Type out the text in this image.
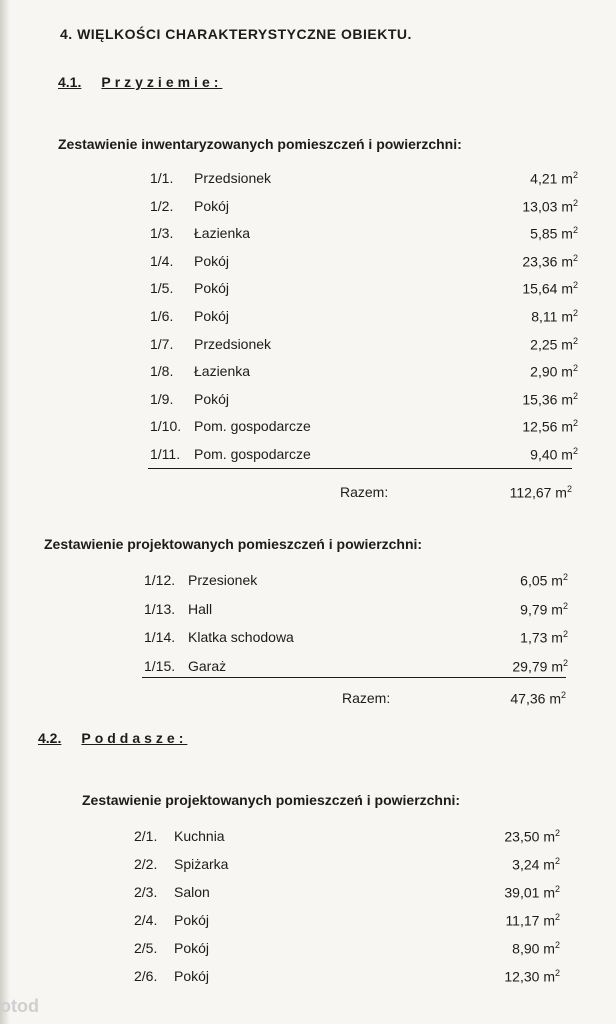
4. WIĘLKOŚCI CHARAKTERYSTYCZNE OBIEKTU.
4.1. Przyziemie:
Zestawienie inwentaryzowanych pomieszczeń i powierzchni:
1/1. Przedsionek	4,21 $m^2$
1/2. Pokój	13,03 $m^2$
1/3. Łazienka	5,85 $m^2$
1/4. Pokój	23,36 $m^2$
1/5. Pokój	15,64 $m^2$
1/6. Pokój	8,11 $m^2$
1/7. Przedsionek	2,25 $m^2$
1/8. Łazienka	2,90 $m^2$
1/9. Pokój	15,36 $m^2$
1/10. Pom. gospodarcze	12,56 $m^2$
1/11. Pom. gospodarcze	9,40 $m^2$
Razem:	112,67 $m^2$
Zestawienie projektowanych pomieszczeń i powierzchni:
1/12. Przesionek	6,05 $m^2$
1/13. Hall	9,79 $m^2$
1/14. Klatka schodowa	1,73 $m^2$
1/15. Garaż	29,79 $m^2$
Razem:	47,36 $m^2$
4.2. Poddasze:
Zestawienie projektowanych pomieszczeń i powierzchni:
2/1. Kuchnia	23,50 $m^2$
2/2. Spiżarka	3,24 $m^2$
2/3. Salon	39,01 $m^2$
2/4. Pokój	11,17 $m^2$
2/5. Pokój	8,90 $m^2$
2/6. Pokój	12,30 $m^2$
otod
